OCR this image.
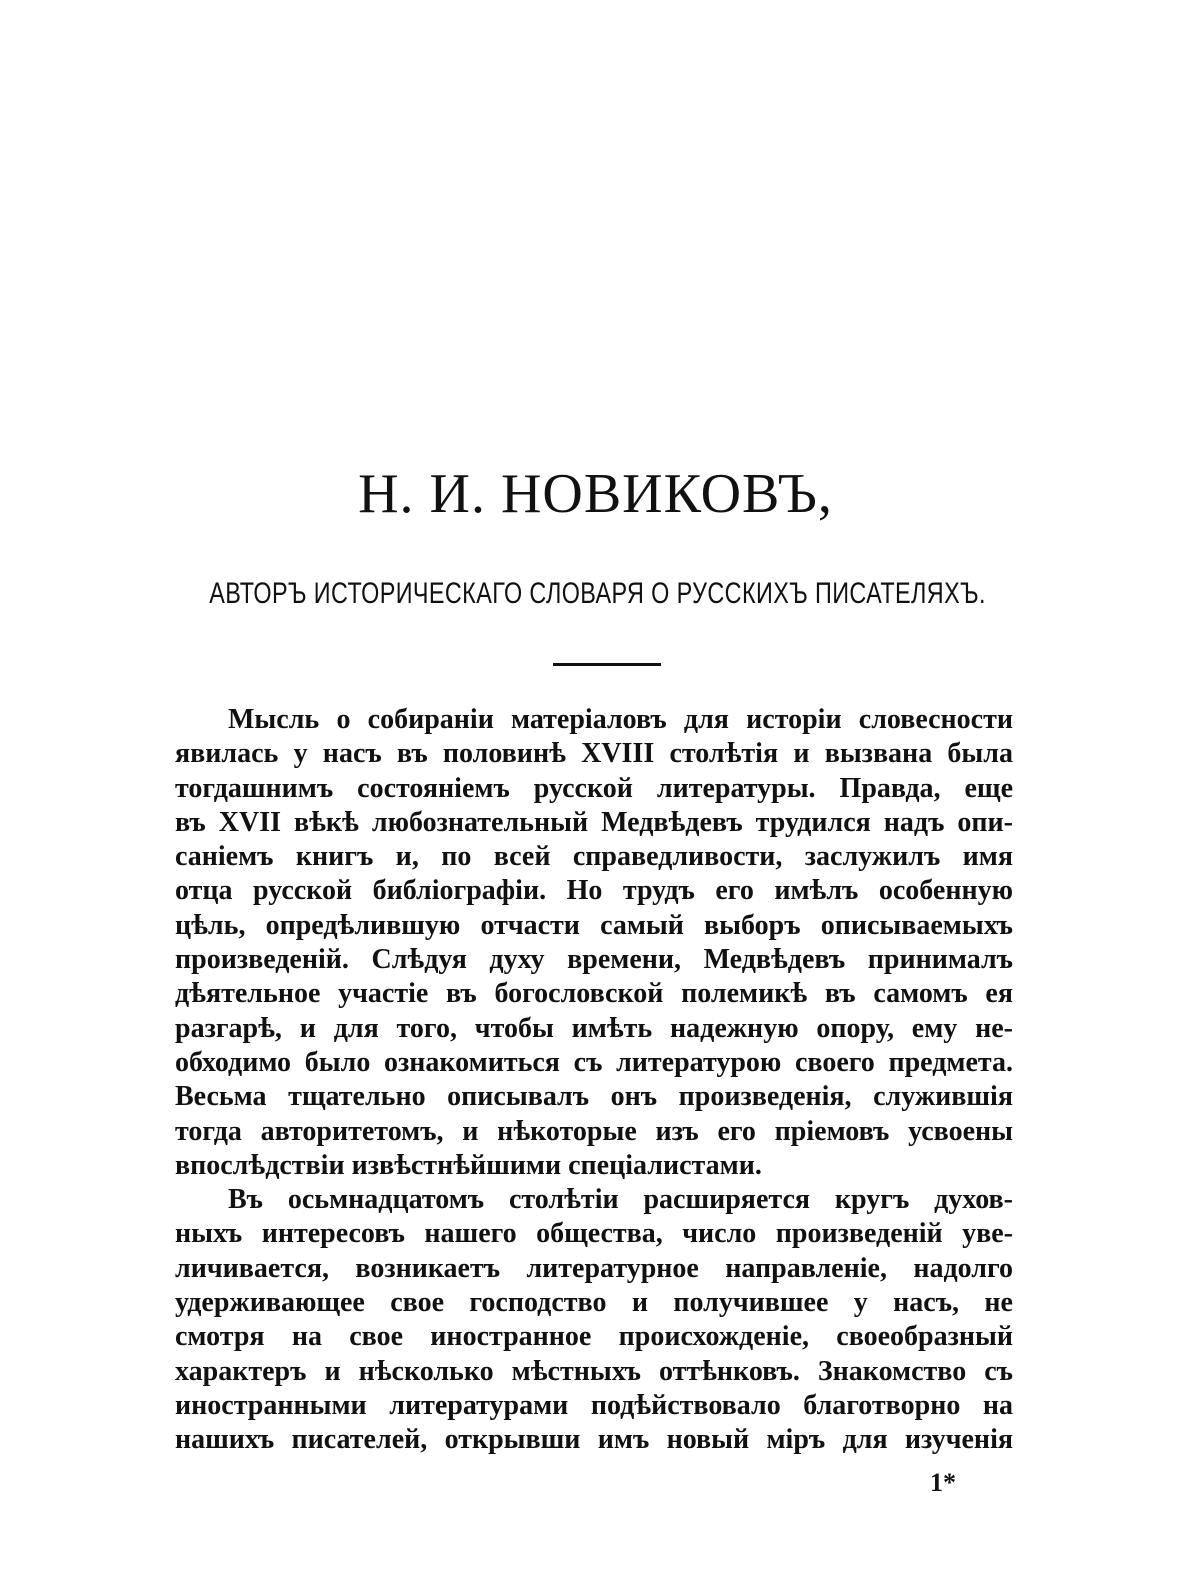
Н. И. НОВИКОВЪ,
АВТОРЪ ИСТОРИЧЕСКАГО СЛОВАРЯ О РУССКИХЪ ПИСАТЕЛЯХЪ.
Мысль о собираніи матеріаловъ для исторіи словесности
явилась у насъ въ половинѣ XVIII столѣтія и вызвана была
тогдашнимъ состояніемъ русской литературы. Правда, еще
въ XVII вѣкѣ любознательный Медвѣдевъ трудился надъ опи-
саніемъ книгъ и, по всей справедливости, заслужилъ имя
отца русской библіографіи. Но трудъ его имѣлъ особенную
цѣль, опредѣлившую отчасти самый выборъ описываемыхъ
произведеній. Слѣдуя духу времени, Медвѣдевъ принималъ
дѣятельное участіе въ богословской полемикѣ въ самомъ ея
разгарѣ, и для того, чтобы имѣть надежную опору, ему не-
обходимо было ознакомиться съ литературою своего предмета.
Весьма тщательно описывалъ онъ произведенія, служившія
тогда авторитетомъ, и нѣкоторые изъ его пріемовъ усвоены
впослѣдствіи извѣстнѣйшими спеціалистами.
Въ осьмнадцатомъ столѣтіи расширяется кругъ духов-
ныхъ интересовъ нашего общества, число произведеній уве-
личивается, возникаетъ литературное направленіе, надолго
удерживающее свое господство и получившее у насъ, не
смотря на свое иностранное происхожденіе, своеобразный
характеръ и нѣсколько мѣстныхъ оттѣнковъ. Знакомство съ
иностранными литературами подѣйствовало благотворно на
нашихъ писателей, открывши имъ новый міръ для изученія
1*
